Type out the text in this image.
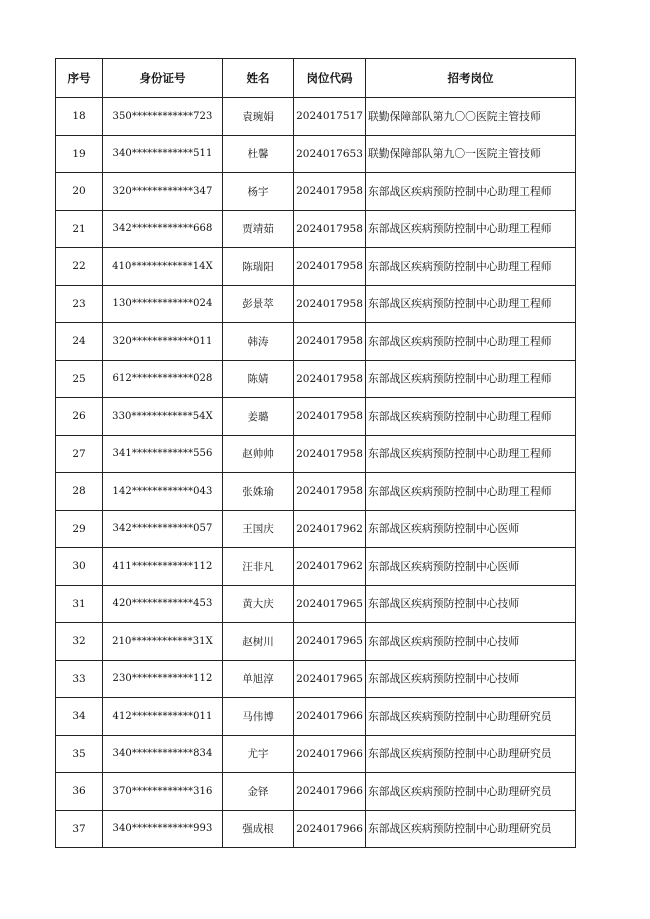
序号	身份证号	姓名	岗位代码	招考岗位
18	350************723	袁琬娟	2024017517	联勤保障部队第九〇〇医院主管技师
19	340************511	杜馨	2024017653	联勤保障部队第九〇一医院主管技师
20	320************347	杨宇	2024017958	东部战区疾病预防控制中心助理工程师
21	342************668	贾靖茹	2024017958	东部战区疾病预防控制中心助理工程师
22	410************14X	陈瑞阳	2024017958	东部战区疾病预防控制中心助理工程师
23	130************024	彭景萃	2024017958	东部战区疾病预防控制中心助理工程师
24	320************011	韩涛	2024017958	东部战区疾病预防控制中心助理工程师
25	612************028	陈婧	2024017958	东部战区疾病预防控制中心助理工程师
26	330************54X	姜璐	2024017958	东部战区疾病预防控制中心助理工程师
27	341************556	赵帅帅	2024017958	东部战区疾病预防控制中心助理工程师
28	142************043	张姝瑜	2024017958	东部战区疾病预防控制中心助理工程师
29	342************057	王国庆	2024017962	东部战区疾病预防控制中心医师
30	411************112	汪非凡	2024017962	东部战区疾病预防控制中心医师
31	420************453	黄大庆	2024017965	东部战区疾病预防控制中心技师
32	210************31X	赵树川	2024017965	东部战区疾病预防控制中心技师
33	230************112	单旭淳	2024017965	东部战区疾病预防控制中心技师
34	412************011	马伟博	2024017966	东部战区疾病预防控制中心助理研究员
35	340************834	尤宇	2024017966	东部战区疾病预防控制中心助理研究员
36	370************316	金铎	2024017966	东部战区疾病预防控制中心助理研究员
37	340************993	强成根	2024017966	东部战区疾病预防控制中心助理研究员
